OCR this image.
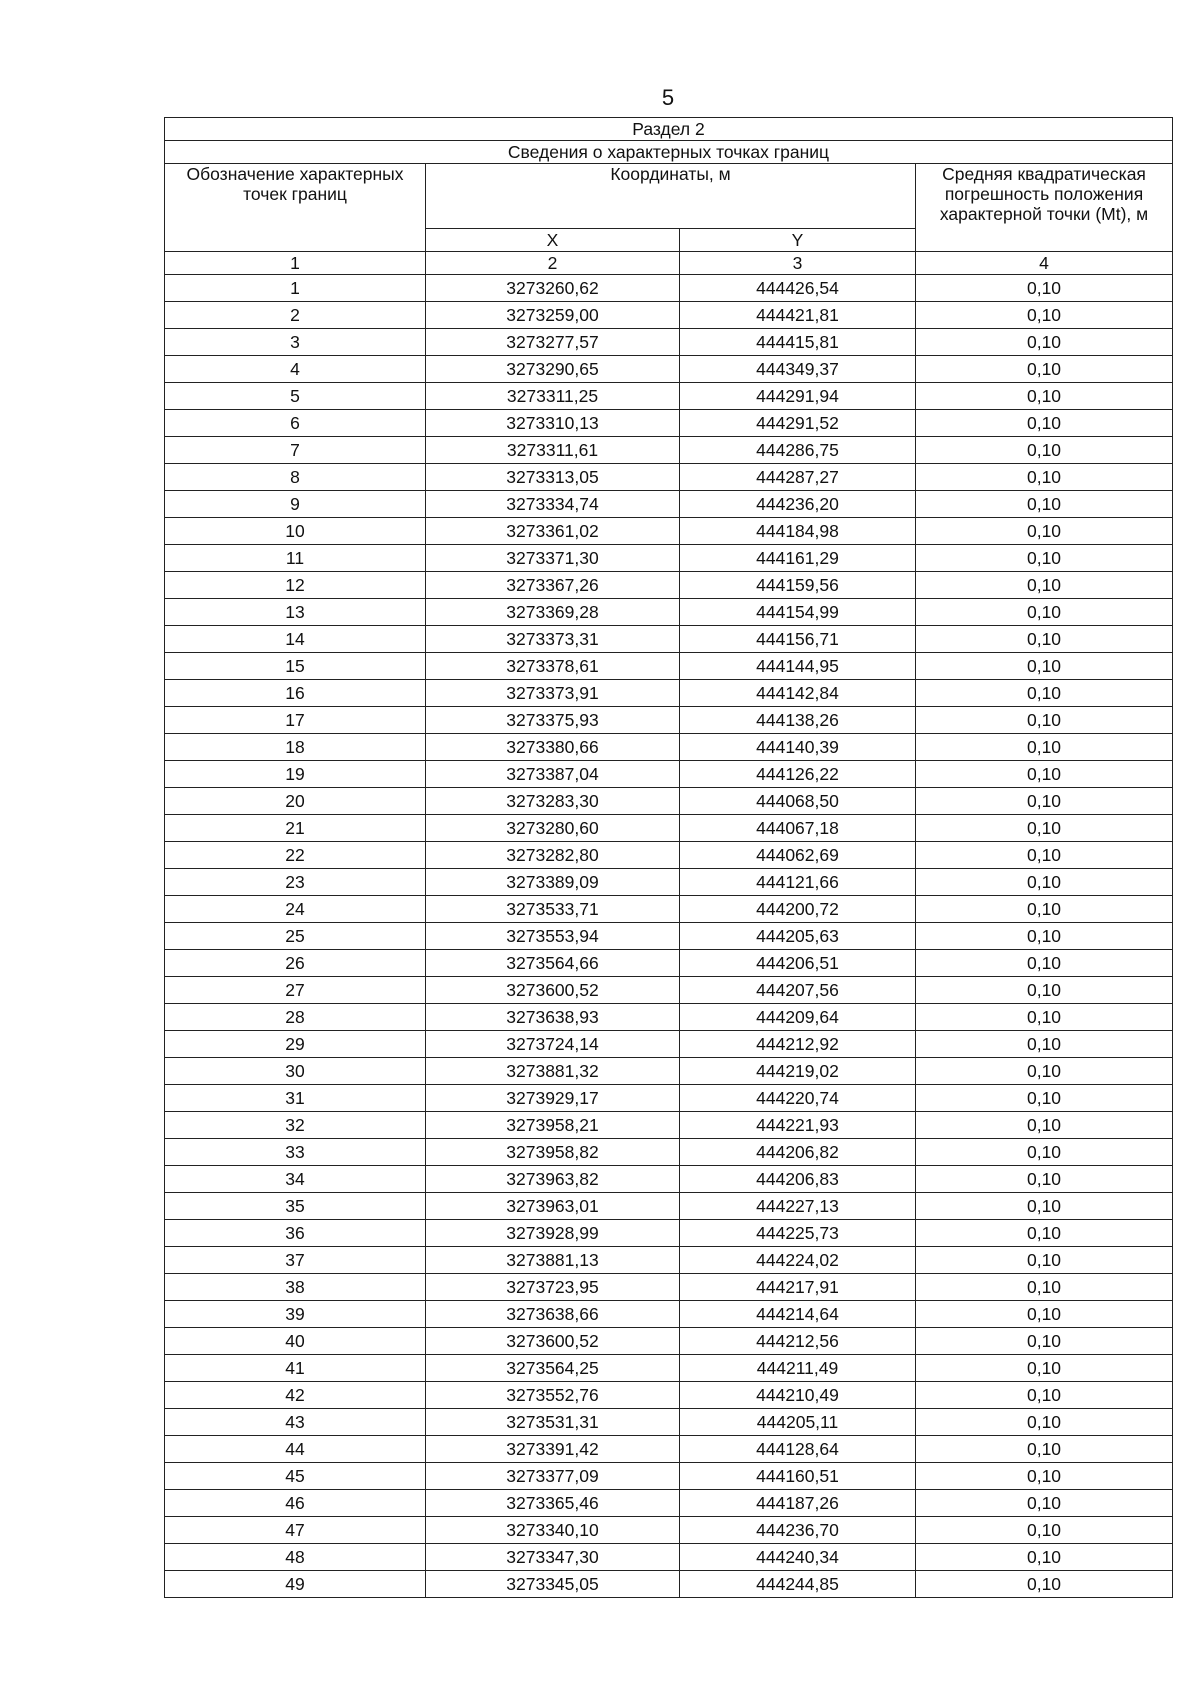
5
Раздел 2			
Сведения о характерных точках границ			
Обозначение характерных точек границ	Координаты, м		Средняя квадратическая погрешность положения характерной точки (Mt), м
	X	Y	
1	2	3	4
1	3273260,62	444426,54	0,10
2	3273259,00	444421,81	0,10
3	3273277,57	444415,81	0,10
4	3273290,65	444349,37	0,10
5	3273311,25	444291,94	0,10
6	3273310,13	444291,52	0,10
7	3273311,61	444286,75	0,10
8	3273313,05	444287,27	0,10
9	3273334,74	444236,20	0,10
10	3273361,02	444184,98	0,10
11	3273371,30	444161,29	0,10
12	3273367,26	444159,56	0,10
13	3273369,28	444154,99	0,10
14	3273373,31	444156,71	0,10
15	3273378,61	444144,95	0,10
16	3273373,91	444142,84	0,10
17	3273375,93	444138,26	0,10
18	3273380,66	444140,39	0,10
19	3273387,04	444126,22	0,10
20	3273283,30	444068,50	0,10
21	3273280,60	444067,18	0,10
22	3273282,80	444062,69	0,10
23	3273389,09	444121,66	0,10
24	3273533,71	444200,72	0,10
25	3273553,94	444205,63	0,10
26	3273564,66	444206,51	0,10
27	3273600,52	444207,56	0,10
28	3273638,93	444209,64	0,10
29	3273724,14	444212,92	0,10
30	3273881,32	444219,02	0,10
31	3273929,17	444220,74	0,10
32	3273958,21	444221,93	0,10
33	3273958,82	444206,82	0,10
34	3273963,82	444206,83	0,10
35	3273963,01	444227,13	0,10
36	3273928,99	444225,73	0,10
37	3273881,13	444224,02	0,10
38	3273723,95	444217,91	0,10
39	3273638,66	444214,64	0,10
40	3273600,52	444212,56	0,10
41	3273564,25	444211,49	0,10
42	3273552,76	444210,49	0,10
43	3273531,31	444205,11	0,10
44	3273391,42	444128,64	0,10
45	3273377,09	444160,51	0,10
46	3273365,46	444187,26	0,10
47	3273340,10	444236,70	0,10
48	3273347,30	444240,34	0,10
49	3273345,05	444244,85	0,10
